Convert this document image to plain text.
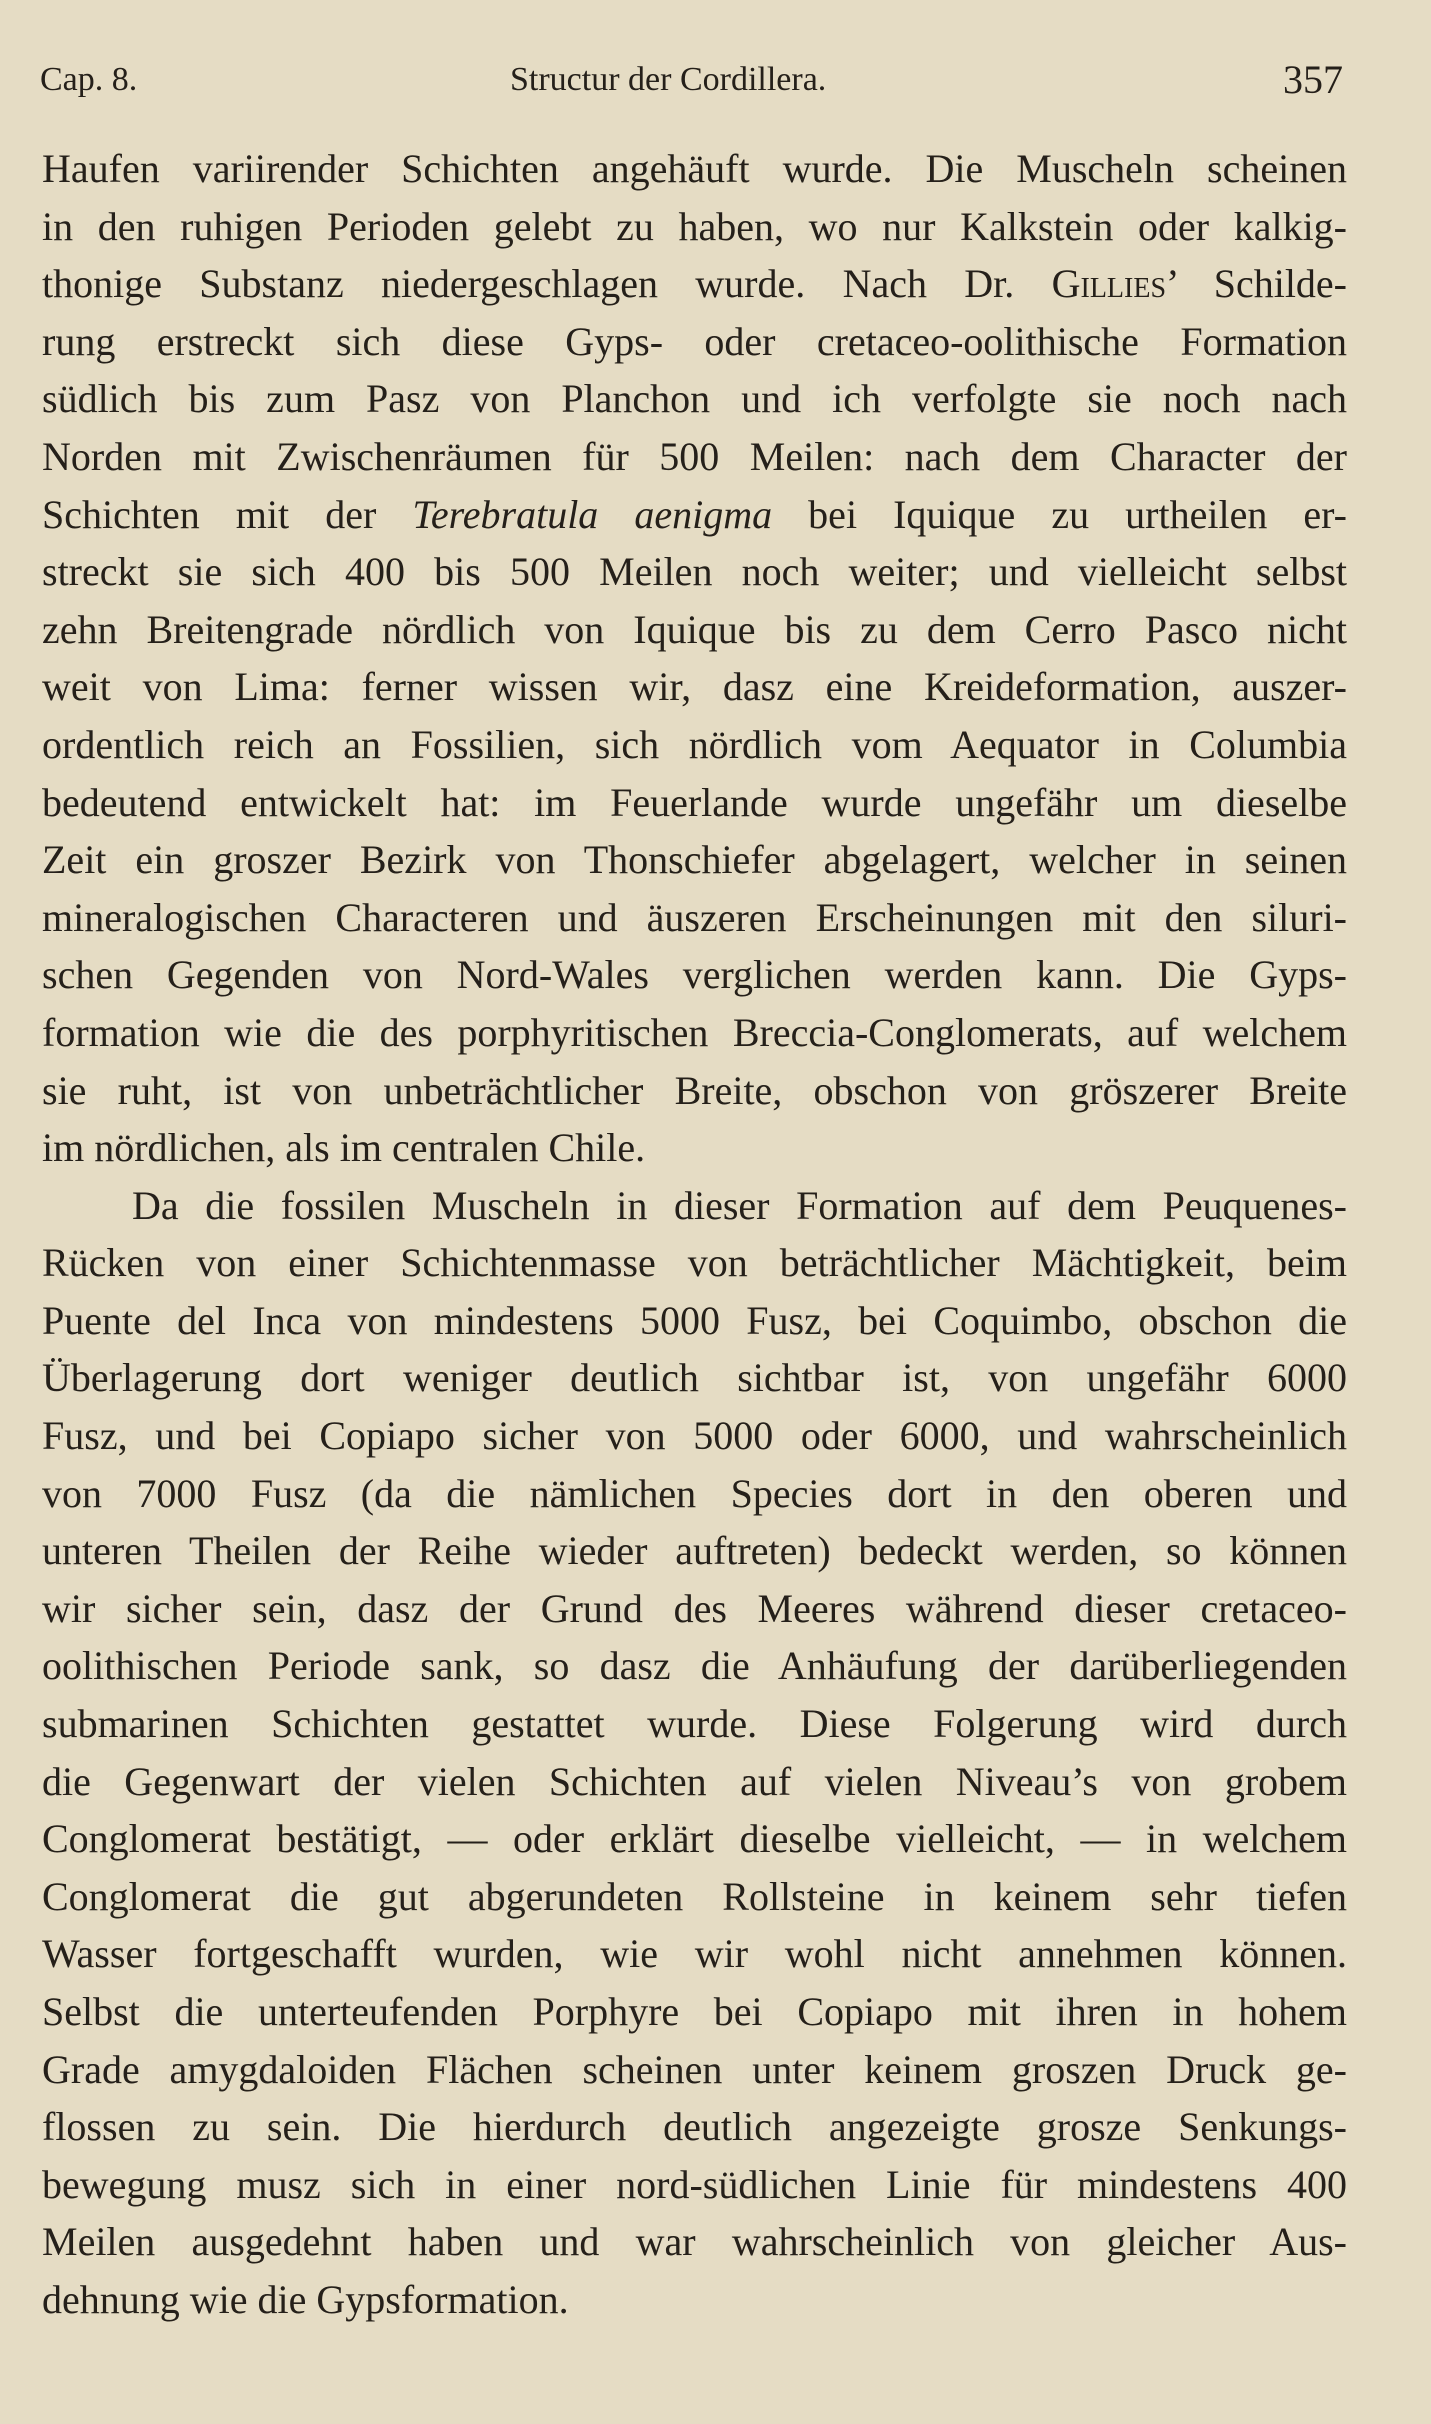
Cap. 8.	Structur der Cordillera.	357
Haufen variirender Schichten angehäuft wurde. Die Muscheln scheinen
in den ruhigen Perioden gelebt zu haben, wo nur Kalkstein oder kalkig-
thonige Substanz niedergeschlagen wurde. Nach Dr. Gillies’ Schilde-
rung erstreckt sich diese Gyps- oder cretaceo-oolithische Formation
südlich bis zum Pasz von Planchon und ich verfolgte sie noch nach
Norden mit Zwischenräumen für 500 Meilen: nach dem Character der
Schichten mit der Terebratula aenigma bei Iquique zu urtheilen er-
streckt sie sich 400 bis 500 Meilen noch weiter; und vielleicht selbst
zehn Breitengrade nördlich von Iquique bis zu dem Cerro Pasco nicht
weit von Lima: ferner wissen wir, dasz eine Kreideformation, auszer-
ordentlich reich an Fossilien, sich nördlich vom Aequator in Columbia
bedeutend entwickelt hat: im Feuerlande wurde ungefähr um dieselbe
Zeit ein groszer Bezirk von Thonschiefer abgelagert, welcher in seinen
mineralogischen Characteren und äuszeren Erscheinungen mit den siluri-
schen Gegenden von Nord-Wales verglichen werden kann. Die Gyps-
formation wie die des porphyritischen Breccia-Conglomerats, auf welchem
sie ruht, ist von unbeträchtlicher Breite, obschon von gröszerer Breite
im nördlichen, als im centralen Chile.
Da die fossilen Muscheln in dieser Formation auf dem Peuquenes-
Rücken von einer Schichtenmasse von beträchtlicher Mächtigkeit, beim
Puente del Inca von mindestens 5000 Fusz, bei Coquimbo, obschon die
Überlagerung dort weniger deutlich sichtbar ist, von ungefähr 6000
Fusz, und bei Copiapo sicher von 5000 oder 6000, und wahrscheinlich
von 7000 Fusz (da die nämlichen Species dort in den oberen und
unteren Theilen der Reihe wieder auftreten) bedeckt werden, so können
wir sicher sein, dasz der Grund des Meeres während dieser cretaceo-
oolithischen Periode sank, so dasz die Anhäufung der darüberliegenden
submarinen Schichten gestattet wurde. Diese Folgerung wird durch
die Gegenwart der vielen Schichten auf vielen Niveau’s von grobem
Conglomerat bestätigt, — oder erklärt dieselbe vielleicht, — in welchem
Conglomerat die gut abgerundeten Rollsteine in keinem sehr tiefen
Wasser fortgeschafft wurden, wie wir wohl nicht annehmen können.
Selbst die unterteufenden Porphyre bei Copiapo mit ihren in hohem
Grade amygdaloiden Flächen scheinen unter keinem groszen Druck ge-
flossen zu sein. Die hierdurch deutlich angezeigte grosze Senkungs-
bewegung musz sich in einer nord-südlichen Linie für mindestens 400
Meilen ausgedehnt haben und war wahrscheinlich von gleicher Aus-
dehnung wie die Gypsformation.
